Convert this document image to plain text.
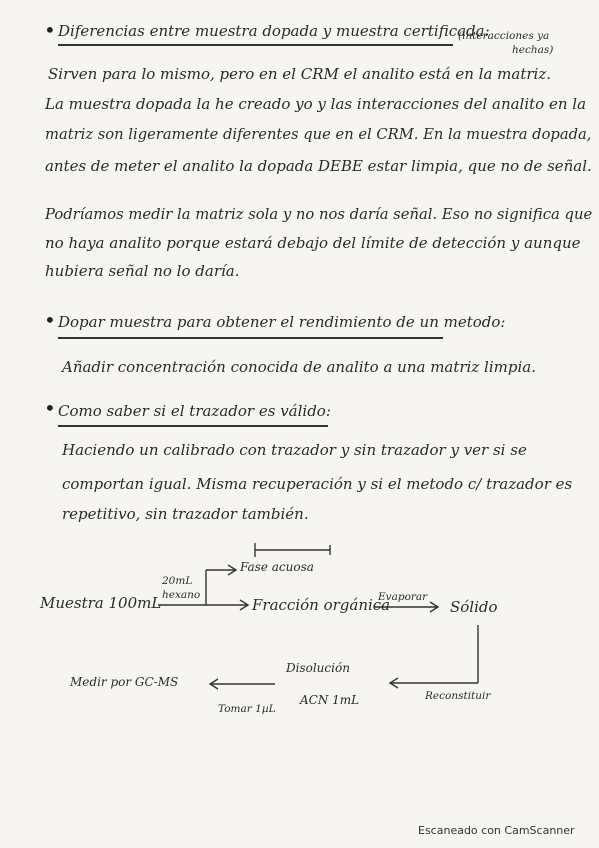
• Diferencias entre muestra dopada y muestra certificada:
(interacciones ya
hechas)
Sirven para lo mismo, pero en el CRM el analito está en la matriz.
La muestra dopada la he creado yo y las interacciones del analito en la
matriz son ligeramente diferentes que en el CRM. En la muestra dopada,
antes de meter el analito la dopada DEBE estar limpia, que no de señal.
Podríamos medir la matriz sola y no nos daría señal. Eso no significa que
no haya analito porque estará debajo del límite de detección y aunque
hubiera señal no lo daría.
• Dopar muestra para obtener el rendimiento de un metodo:
Añadir concentración conocida de analito a una matriz limpia.
• Como saber si el trazador es válido:
Haciendo un calibrado con trazador y sin trazador y ver si se
comportan igual. Misma recuperación y si el metodo c/ trazador es
repetitivo, sin trazador también.
Muestra 100mL
20mL
hexano
Fase acuosa
Fracción orgánica
Evaporar
Sólido
Reconstituir
Disolución
ACN 1mL
Tomar 1µL
Medir por GC-MS
Escaneado con CamScanner
